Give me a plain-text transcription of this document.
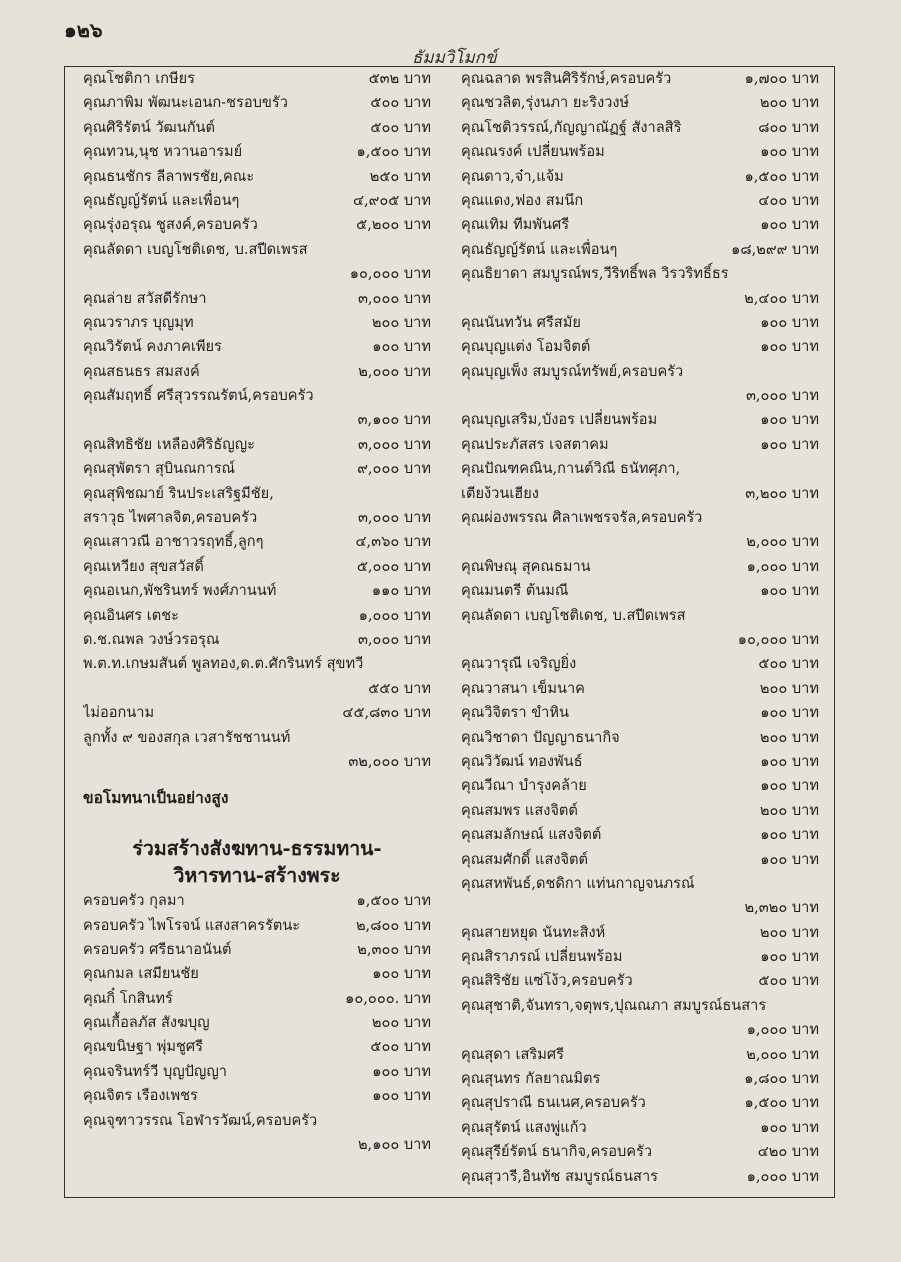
๑๒๖
ธัมมวิโมกข์
คุณโชติกา เกษียร	๕๓๒ บาท
คุณภาพิม พัฒนะเอนก-ชรอบขรัว	๕๐๐ บาท
คุณศิริรัตน์ วัฒนกันต์	๕๐๐ บาท
คุณทวน,นุช หวานอารมย์	๑,๕๐๐ บาท
คุณธนชักร ลีลาพรชัย,คณะ	๒๕๐ บาท
คุณธัญญ์รัตน์ และเพื่อนๆ	๔,๙๐๕ บาท
คุณรุ่งอรุณ ชูสงค์,ครอบครัว	๕,๒๐๐ บาท
คุณลัดดา เบญโชติเดช, บ.สปีดเพรส
๑๐,๐๐๐ บาท
คุณล่าย สวัสดีรักษา	๓,๐๐๐ บาท
คุณวราภร บุญมุท	๒๐๐ บาท
คุณวิรัตน์ คงภาคเพียร	๑๐๐ บาท
คุณสธนธร สมสงค์	๒,๐๐๐ บาท
คุณสัมฤทธิ์ ศรีสุวรรณรัตน์,ครอบครัว
๓,๑๐๐ บาท
คุณสิทธิชัย เหลืองศิริธัญญะ	๓,๐๐๐ บาท
คุณสุพัตรา สุบินณการณ์	๙,๐๐๐ บาท
คุณสุพิชฌาย์ รินประเสริฐมีชัย,
สราวุธ ไพศาลจิต,ครอบครัว	๓,๐๐๐ บาท
คุณเสาวณี อาชาวรฤทธิ์,ลูกๆ	๔,๓๖๐ บาท
คุณเหวียง สุขสวัสดิ์	๕,๐๐๐ บาท
คุณอเนก,พัชรินทร์ พงศ์ภานนท์	๑๑๐ บาท
คุณอินศร เตชะ	๑,๐๐๐ บาท
ด.ช.ณพล วงษ์วรอรุณ	๓,๐๐๐ บาท
พ.ต.ท.เกษมสันต์ พูลทอง,ด.ต.ศักรินทร์ สุขทวี
๕๕๐ บาท
ไม่ออกนาม	๔๕,๘๓๐ บาท
ลูกทั้ง ๙ ของสกุล เวสารัชชานนท์
๓๒,๐๐๐ บาท
ขอโมทนาเป็นอย่างสูง
ร่วมสร้างสังฆทาน-ธรรมทาน-
วิหารทาน-สร้างพระ
ครอบครัว กุลมา	๑,๕๐๐ บาท
ครอบครัว ไพโรจน์ แสงสาครรัตนะ	๒,๘๐๐ บาท
ครอบครัว ศรีธนาอนันต์	๒,๓๐๐ บาท
คุณกมล เสมียนชัย	๑๐๐ บาท
คุณกิ๋ โกสินทร์	๑๐,๐๐๐. บาท
คุณเกื้อลภัส สังฆบุญ	๒๐๐ บาท
คุณขนิษฐา พุ่มชูศรี	๕๐๐ บาท
คุณจรินทร์วี บุญปัญญา	๑๐๐ บาท
คุณจิตร เรืองเพชร	๑๐๐ บาท
คุณจุฑาวรรณ โอฬารวัฒน์,ครอบครัว
๒,๑๐๐ บาท
คุณฉลาด พรสินศิริรักษ์,ครอบครัว	๑,๗๐๐ บาท
คุณชวลิต,รุ่งนภา ยะริงวงษ์	๒๐๐ บาท
คุณโชติวรรณ์,กัญญาณัฏฐ์ สังาลสิริ	๘๐๐ บาท
คุณณรงค์ เปลี่ยนพร้อม	๑๐๐ บาท
คุณดาว,จ๋า,แจ้ม	๑,๕๐๐ บาท
คุณแดง,ฟอง สมนึก	๔๐๐ บาท
คุณเทิม ทีมพันศรี	๑๐๐ บาท
คุณธัญญ์รัตน์ และเพื่อนๆ	๑๘,๒๙๙ บาท
คุณธิยาดา สมบูรณ์พร,วีริทธิ์พล วิรวริทธิ์ธร
๒,๔๐๐ บาท
คุณนันทวัน ศรีสมัย	๑๐๐ บาท
คุณบุญแต่ง โอมจิตต์	๑๐๐ บาท
คุณบุญเพ็ง สมบูรณ์ทรัพย์,ครอบครัว
๓,๐๐๐ บาท
คุณบุญเสริม,บังอร เปลี่ยนพร้อม	๑๐๐ บาท
คุณประภัสสร เจสตาคม	๑๐๐ บาท
คุณปัณฑคณิน,กานต์วิณี ธนัทศุภา,
เตียง้วนเฮียง	๓,๒๐๐ บาท
คุณผ่องพรรณ ศิลาเพชรจรัล,ครอบครัว
๒,๐๐๐ บาท
คุณพิษณุ สุคณธมาน	๑,๐๐๐ บาท
คุณมนตรี ต้นมณี	๑๐๐ บาท
คุณลัดดา เบญโชติเดช, บ.สปีดเพรส
๑๐,๐๐๐ บาท
คุณวารุณี เจริญยิ่ง	๕๐๐ บาท
คุณวาสนา เข็มนาค	๒๐๐ บาท
คุณวิจิตรา ขำหิน	๑๐๐ บาท
คุณวิชาดา ปัญญาธนากิจ	๒๐๐ บาท
คุณวิวัฒน์ ทองพันธ์	๑๐๐ บาท
คุณวีณา บำรุงคล้าย	๑๐๐ บาท
คุณสมพร แสงจิตต์	๒๐๐ บาท
คุณสมลักษณ์ แสงจิตต์	๑๐๐ บาท
คุณสมศักดิ์ แสงจิตต์	๑๐๐ บาท
คุณสหพันธ์,ดชดิกา แท่นกาญจนภรณ์
๒,๓๒๐ บาท
คุณสายหยุด นันทะสิงห์	๒๐๐ บาท
คุณสิราภรณ์ เปลี่ยนพร้อม	๑๐๐ บาท
คุณสิริชัย แซ่โง้ว,ครอบครัว	๕๐๐ บาท
คุณสุชาติ,จันทรา,จตุพร,ปุณณภา สมบูรณ์ธนสาร
๑,๐๐๐ บาท
คุณสุดา เสริมศรี	๒,๐๐๐ บาท
คุณสุนทร กัลยาณมิตร	๑,๘๐๐ บาท
คุณสุปราณี ธนเนศ,ครอบครัว	๑,๕๐๐ บาท
คุณสุรัตน์ แสงพู่แก้ว	๑๐๐ บาท
คุณสุรีย์รัตน์ ธนากิจ,ครอบครัว	๔๒๐ บาท
คุณสุวารี,อินทัช สมบูรณ์ธนสาร	๑,๐๐๐ บาท
